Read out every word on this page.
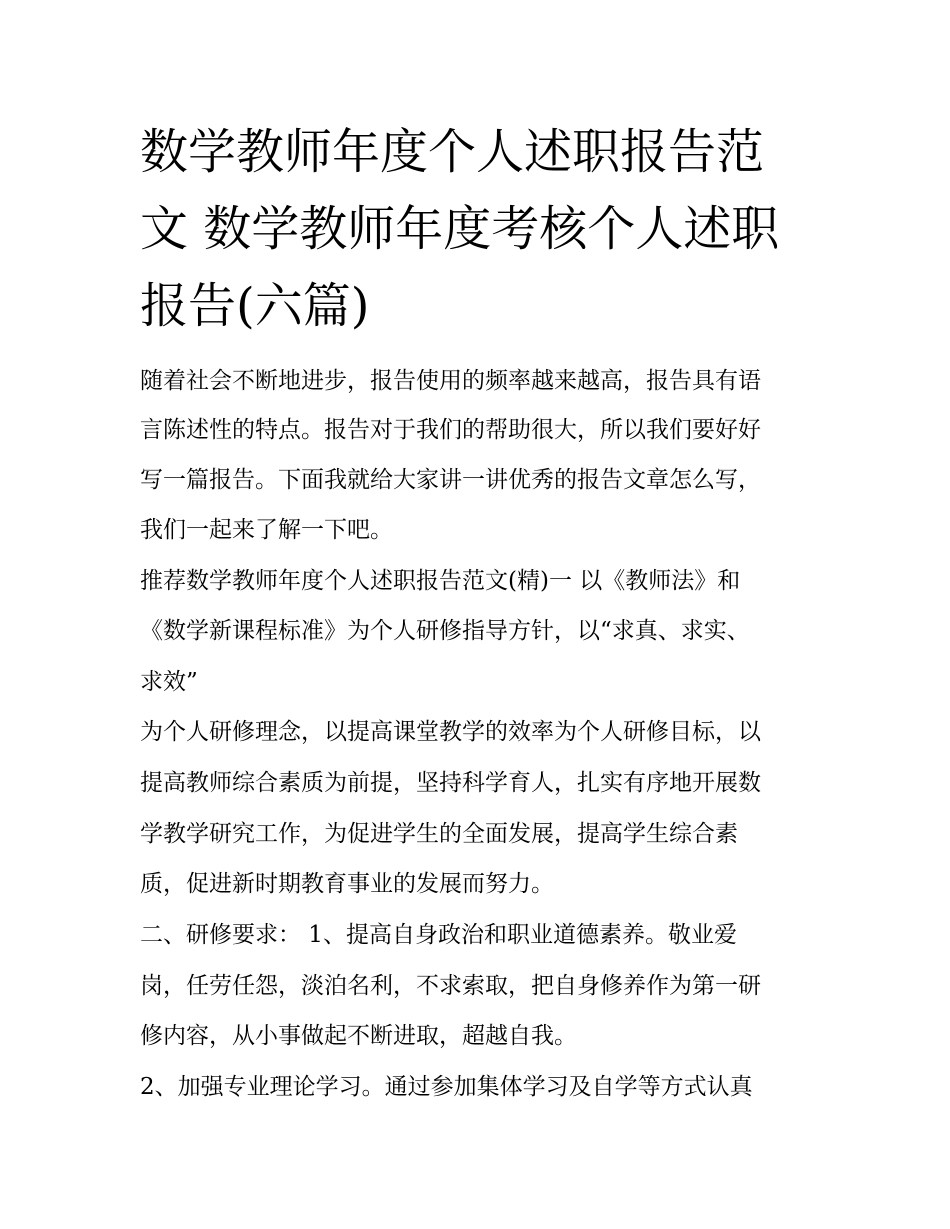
数学教师年度个人述职报告范
文 数学教师年度考核个人述职
报告(六篇)
随着社会不断地进步，报告使用的频率越来越高，报告具有语
言陈述性的特点。报告对于我们的帮助很大，所以我们要好好
写一篇报告。下面我就给大家讲一讲优秀的报告文章怎么写，
我们一起来了解一下吧。
推荐数学教师年度个人述职报告范文(精)一 以《教师法》和
《数学新课程标准》为个人研修指导方针，以“求真、求实、
求效”
为个人研修理念，以提高课堂教学的效率为个人研修目标，以
提高教师综合素质为前提，坚持科学育人，扎实有序地开展数
学教学研究工作，为促进学生的全面发展，提高学生综合素
质，促进新时期教育事业的发展而努力。
二、研修要求： 1、提高自身政治和职业道德素养。敬业爱
岗，任劳任怨，淡泊名利，不求索取，把自身修养作为第一研
修内容，从小事做起不断进取，超越自我。
2、加强专业理论学习。通过参加集体学习及自学等方式认真
